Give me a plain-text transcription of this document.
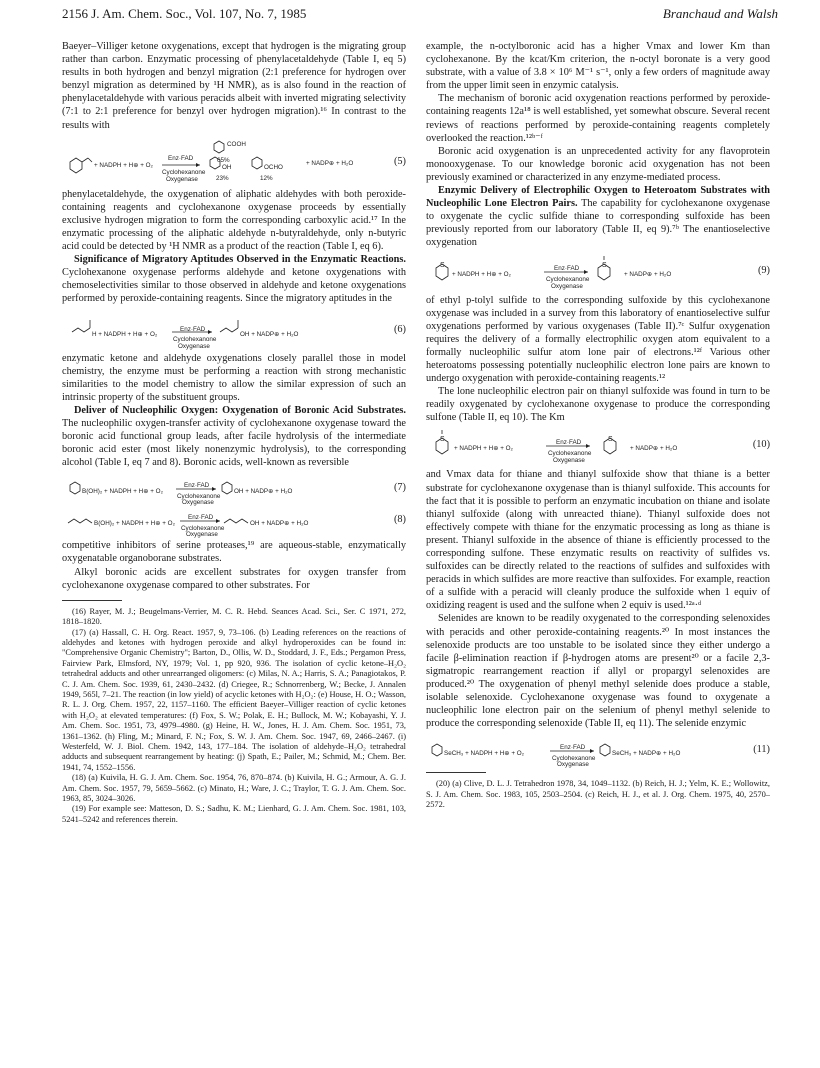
2156 J. Am. Chem. Soc., Vol. 107, No. 7, 1985	Branchaud and Walsh

Baeyer–Villiger ketone oxygenations, except that hydrogen is the migrating group rather than carbon. Enzymatic processing of phenylacetaldehyde (Table I, eq 5) results in both hydrogen and benzyl migration (2:1 preference for hydrogen over benzyl migration as determined by ¹H NMR), as is also found in the reaction of phenylacetaldehyde with various peracids albeit with inverted migrating selectivity (7:1 to 2:1 preference for benzyl over hydrogen migration).¹⁶ In contrast to the results with

+ NADPH + H⊕ + O₂
Enz·FAD
Cyclohexanone
Oxygenase
COOH
65%
OH
23%
OCHO
12%
+ NADP⊕ + H₂O	(5)

phenylacetaldehyde, the oxygenation of aliphatic aldehydes with both peroxide-containing reagents and cyclohexanone oxygenase proceeds by essentially exclusive hydrogen migration to form the corresponding carboxylic acid.¹⁷ In the enzymatic processing of the aliphatic aldehyde n-butyraldehyde, only n-butyric acid could be detected by ¹H NMR as a product of the reaction (Table I, eq 6).

Significance of Migratory Aptitudes Observed in the Enzymatic Reactions. Cyclohexanone oxygenase performs aldehyde and ketone oxygenations with chemoselectivities similar to those observed in aldehyde and ketone oxygenations performed by peroxide-containing reagents. Since the migratory aptitudes in the

H + NADPH + H⊕ + O₂
Enz·FAD
Cyclohexanone
Oxygenase
OH + NADP⊕ + H₂O	(6)

enzymatic ketone and aldehyde oxygenations closely parallel those in model chemistry, the enzyme must be performing a reaction with strong mechanistic similarities to the model chemistry to allow the similar expression of such an intrinsic property of the substituent groups.

Deliver of Nucleophilic Oxygen: Oxygenation of Boronic Acid Substrates. The nucleophilic oxygen-transfer activity of cyclohexanone oxygenase toward the boronic acid functional group leads, after facile hydrolysis of the intermediate boronic acid ester (most likely nonenzymic hydrolysis), to the corresponding alcohol (Table I, eq 7 and 8). Boronic acids, well-known as reversible

B(OH)₂ + NADPH + H⊕ + O₂
Enz·FAD
Cyclohexanone
Oxygenase
OH + NADP⊕ + H₂O	(7)
B(OH)₂ + NADPH + H⊕ + O₂
Enz·FAD
Cyclohexanone
Oxygenase
OH + NADP⊕ + H₂O	(8)

competitive inhibitors of serine proteases,¹⁹ are aqueous-stable, enzymatically oxygenatable organoborane substrates.

Alkyl boronic acids are excellent substrates for oxygen transfer from cyclohexanone oxygenase compared to other substrates. For

(16) Rayer, M. J.; Beugelmans-Verrier, M. C. R. Hebd. Seances Acad. Sci., Ser. C 1971, 272, 1818–1820.

(17) (a) Hassall, C. H. Org. React. 1957, 9, 73–106. (b) Leading references on the reactions of aldehydes and ketones with hydrogen peroxide and alkyl hydroperoxides can be found in: "Comprehensive Organic Chemistry"; Barton, D., Ollis, W. D., Stoddard, J. F., Eds.; Pergamon Press, Fairview Park, Elmsford, NY, 1979; Vol. 1, pp 920, 936. The isolation of cyclic ketone–H₂O₂ tetrahedral adducts and other unrearranged oligomers: (c) Milas, N. A.; Harris, S. A.; Panagiotakos, P. C. J. Am. Chem. Soc. 1939, 61, 2430–2432. (d) Criegee, R.; Schnorrenberg, W.; Becke, J. Annalen 1949, 565l, 7–21. The reaction (in low yield) of acyclic ketones with H₂O₂: (e) House, H. O.; Wasson, R. L. J. Org. Chem. 1957, 22, 1157–1160. The efficient Baeyer–Villiger reaction of cyclic ketones with H₂O₂ at elevated temperatures: (f) Fox, S. W.; Polak, E. H.; Bullock, M. W.; Kobayashi, Y. J. Am. Chem. Soc. 1951, 73, 4979–4980. (g) Heine, H. W., Jones, H. J. Am. Chem. Soc. 1951, 73, 1361–1362. (h) Fling, M.; Minard, F. N.; Fox, S. W. J. Am. Chem. Soc. 1947, 69, 2466–2467. (i) Westerfeld, W. J. Biol. Chem. 1942, 143, 177–184. The isolation of aldehyde–H₂O₂ tetrahedral adducts and subsequent rearrangement by heating: (j) Spath, E.; Pailer, M.; Schmid, M.; Chem. Ber. 1941, 74, 1552–1556.

(18) (a) Kuivila, H. G. J. Am. Chem. Soc. 1954, 76, 870–874. (b) Kuivila, H. G.; Armour, A. G. J. Am. Chem. Soc. 1957, 79, 5659–5662. (c) Minato, H.; Ware, J. C.; Traylor, T. G. J. Am. Chem. Soc. 1963, 85, 3024–3026.

(19) For example see: Matteson, D. S.; Sadhu, K. M.; Lienhard, G. J. Am. Chem. Soc. 1981, 103, 5241–5242 and references therein.

example, the n-octylboronic acid has a higher Vmax and lower Km than cyclohexanone. By the kcat/Km criterion, the n-octyl boronate is a very good substrate, with a value of 3.8 × 10⁶ M⁻¹ s⁻¹, only a few orders of magnitude away from the upper limit seen in enzymic catalysis.

The mechanism of boronic acid oxygenation reactions performed by peroxide-containing reagents 12a¹⁸ is well established, yet somewhat obscure. Several recent reviews of reactions performed by peroxide-containing reagents completely overlooked the reaction.¹²ᵇ⁻ᶠ

Boronic acid oxygenation is an unprecedented activity for any flavoprotein monooxygenase. To our knowledge boronic acid oxygenation has not been previously examined or characterized in any enzyme-mediated process.

Enzymic Delivery of Electrophilic Oxygen to Heteroatom Substrates with Nucleophilic Lone Electron Pairs. The capability for cyclohexanone oxygenase to oxygenate the cyclic sulfide thiane to corresponding sulfoxide has been previously reported from our laboratory (Table II, eq 9).⁷ᵇ The enantioselective oxygenation

S	S
+ NADPH + H⊕ + O₂
Enz·FAD
Cyclohexanone
Oxygenase
+ NADP⊕ + H₂O	(9)

of ethyl p-tolyl sulfide to the corresponding sulfoxide by this cyclohexanone oxygenase was included in a survey from this laboratory of enantioselective sulfur oxygenations performed by various oxygenases (Table II).⁷ᶜ Sulfur oxygenation requires the delivery of a formally electrophilic oxygen atom equivalent to a formally nucleophilic sulfur atom lone pair of electrons.¹²ᶠ Various other heteroatoms possessing potentially nucleophilic electron lone pairs are known to undergo oxygenation with peroxide-containing reagents.¹²

The lone nucleophilic electron pair on thianyl sulfoxide was found in turn to be readily oxygenated by cyclohexanone oxygenase to produce the corresponding sulfone (Table II, eq 10). The Km

S	S
+ NADPH + H⊕ + O₂
Enz·FAD
Cyclohexanone
Oxygenase
+ NADP⊕ + H₂O	(10)

and Vmax data for thiane and thianyl sulfoxide show that thiane is a better substrate for cyclohexanone oxygenase than is thianyl sulfoxide. This accounts for the fact that it is possible to perform an enzymatic incubation on thiane and isolate thianyl sulfoxide (along with unreacted thiane). Thianyl sulfoxide does not effectively compete with thiane for the enzymatic processing as long as thiane is present. Thianyl sulfoxide in the absence of thiane is efficiently processed to the corresponding sulfone. These enzymatic results on reactivity of sulfides vs. sulfoxides can be directly related to the reactions of sulfides and sulfoxides with peracids in which sulfides are more reactive than sulfoxides. For example, reaction of a sulfide with a peracid will cleanly produce the sulfoxide when 1 equiv of oxidizing reagent is used and the sulfone when 2 equiv is used.¹²ᵃ·ᵈ

Selenides are known to be readily oxygenated to the corresponding selenoxides with peracids and other peroxide-containing reagents.²⁰ In most instances the selenoxide products are too unstable to be isolated since they either undergo a facile β-elimination reaction if β-hydrogen atoms are present²⁰ or a facile 2,3-sigmatropic rearrangement reaction if allyl or propargyl selenoxides are produced.²⁰ The oxygenation of phenyl methyl selenide does produce a stable, isolable selenoxide. Cyclohexanone oxygenase was found to oxygenate a nucleophilic lone electron pair on the selenium of phenyl methyl selenide to produce the corresponding selenoxide (Table II, eq 11). The selenide enzymic

SeCH₃ + NADPH + H⊕ + O₂
Enz·FAD
Cyclohexanone
Oxygenase
SeCH₃ + NADP⊕ + H₂O	(11)

(20) (a) Clive, D. L. J. Tetrahedron 1978, 34, 1049–1132. (b) Reich, H. J.; Yelm, K. E.; Wollowitz, S. J. Am. Chem. Soc. 1983, 105, 2503–2504. (c) Reich, H. J., et al. J. Org. Chem. 1975, 40, 2570–2572.
